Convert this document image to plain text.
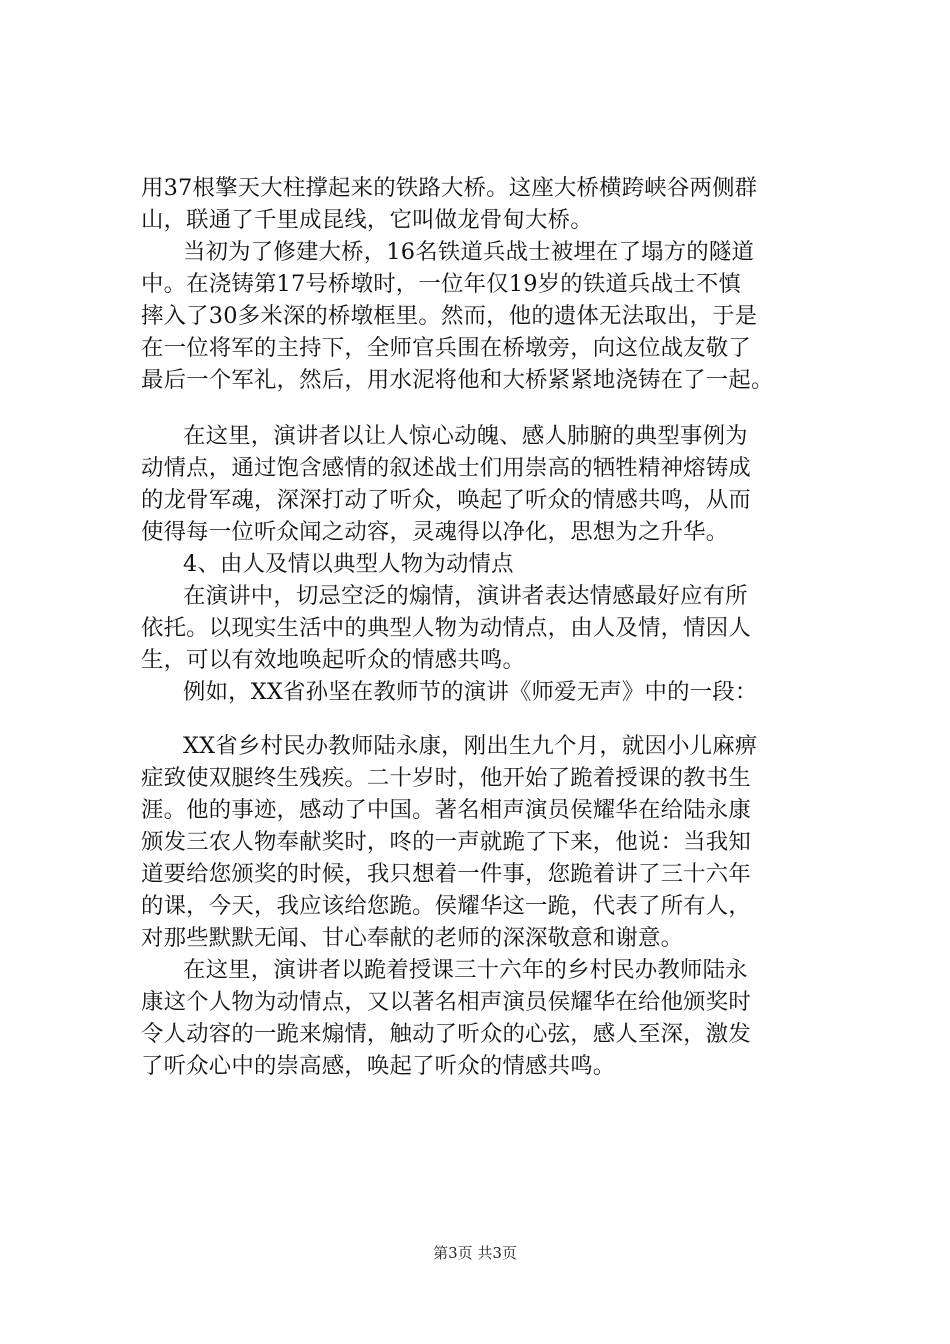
用37根擎天大柱撑起来的铁路大桥。这座大桥横跨峡谷两侧群
山，联通了千里成昆线，它叫做龙骨甸大桥。
当初为了修建大桥，16名铁道兵战士被埋在了塌方的隧道
中。在浇铸第17号桥墩时，一位年仅19岁的铁道兵战士不慎
摔入了30多米深的桥墩框里。然而，他的遗体无法取出，于是
在一位将军的主持下，全师官兵围在桥墩旁，向这位战友敬了
最后一个军礼，然后，用水泥将他和大桥紧紧地浇铸在了一起。
在这里，演讲者以让人惊心动魄、感人肺腑的典型事例为
动情点，通过饱含感情的叙述战士们用崇高的牺牲精神熔铸成
的龙骨军魂，深深打动了听众，唤起了听众的情感共鸣，从而
使得每一位听众闻之动容，灵魂得以净化，思想为之升华。
4、由人及情以典型人物为动情点
在演讲中，切忌空泛的煽情，演讲者表达情感最好应有所
依托。以现实生活中的典型人物为动情点，由人及情，情因人
生，可以有效地唤起听众的情感共鸣。
例如，XX省孙坚在教师节的演讲《师爱无声》中的一段：
XX省乡村民办教师陆永康，刚出生九个月，就因小儿麻痹
症致使双腿终生残疾。二十岁时，他开始了跪着授课的教书生
涯。他的事迹，感动了中国。著名相声演员侯耀华在给陆永康
颁发三农人物奉献奖时，咚的一声就跪了下来，他说：当我知
道要给您颁奖的时候，我只想着一件事，您跪着讲了三十六年
的课，今天，我应该给您跪。侯耀华这一跪，代表了所有人，
对那些默默无闻、甘心奉献的老师的深深敬意和谢意。
在这里，演讲者以跪着授课三十六年的乡村民办教师陆永
康这个人物为动情点，又以著名相声演员侯耀华在给他颁奖时
令人动容的一跪来煽情，触动了听众的心弦，感人至深，激发
了听众心中的崇高感，唤起了听众的情感共鸣。
第3页 共3页
